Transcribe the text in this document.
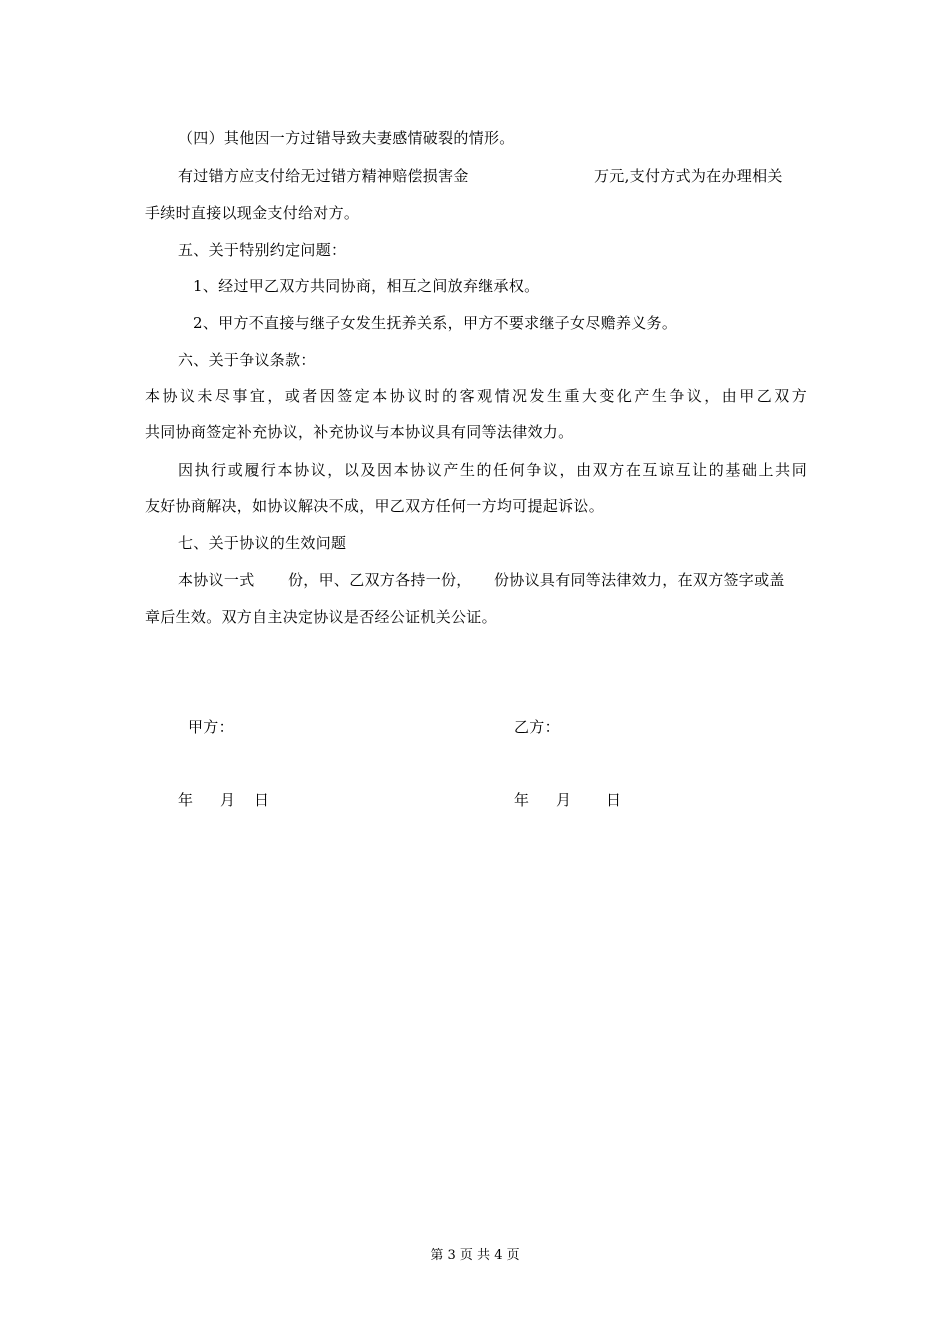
（四）其他因一方过错导致夫妻感情破裂的情形。
有过错方应支付给无过错方精神赔偿损害金	万元,支付方式为在办理相关
手续时直接以现金支付给对方。
五、关于特别约定问题：
1、经过甲乙双方共同协商，相互之间放弃继承权。
2、甲方不直接与继子女发生抚养关系，甲方不要求继子女尽赡养义务。
六、关于争议条款：
本协议未尽事宜，或者因签定本协议时的客观情况发生重大变化产生争议，由甲乙双方
共同协商签定补充协议，补充协议与本协议具有同等法律效力。
因执行或履行本协议，以及因本协议产生的任何争议，由双方在互谅互让的基础上共同
友好协商解决，如协议解决不成，甲乙双方任何一方均可提起诉讼。
七、关于协议的生效问题
本协议一式 份，甲、乙双方各持一份， 份协议具有同等法律效力，在双方签字或盖
章后生效。双方自主决定协议是否经公证机关公证。
甲方：	乙方：
年 月 日	年 月 日
第 3 页 共 4 页
